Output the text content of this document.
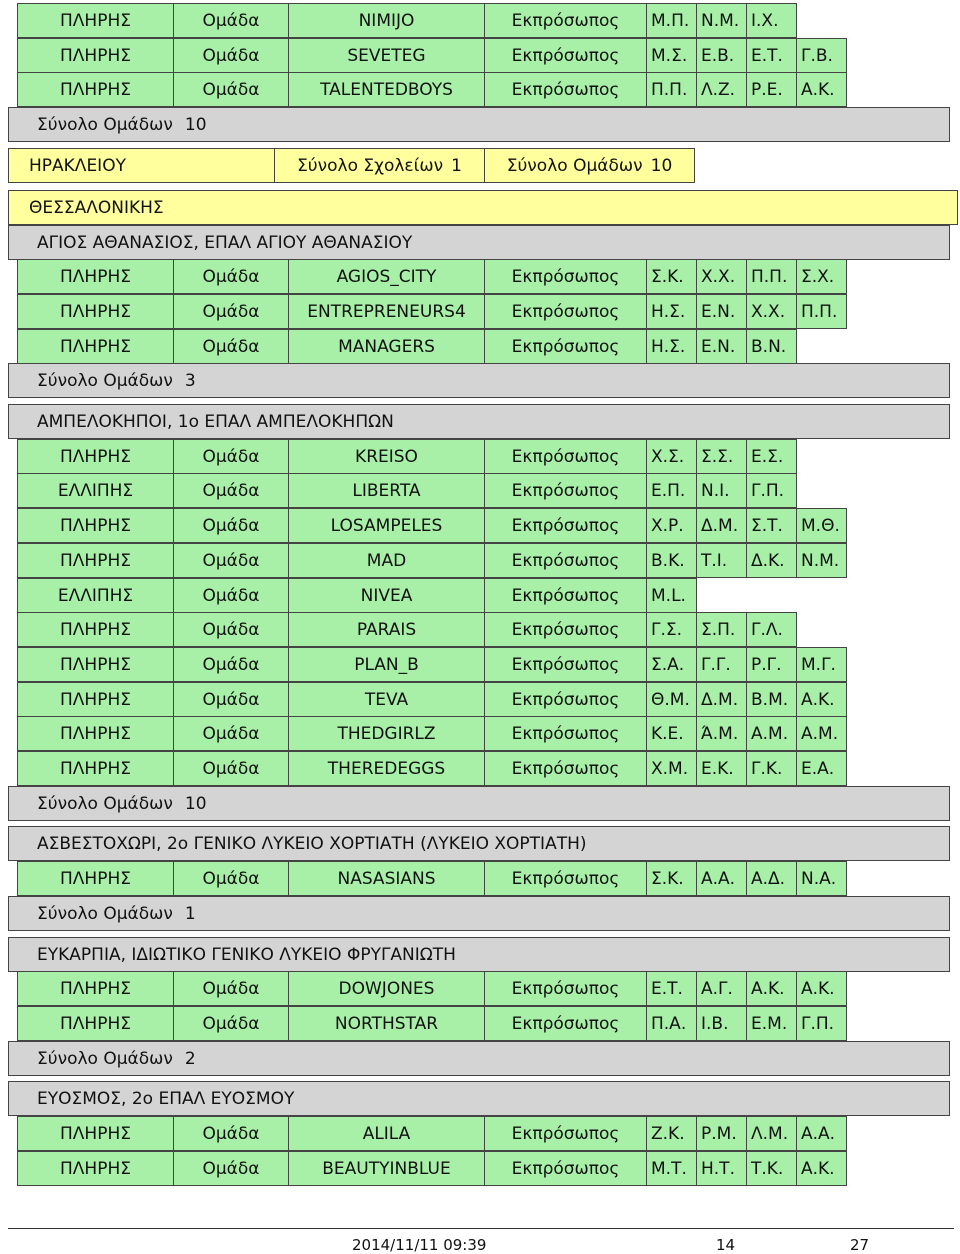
ΠΛΗΡΗΣ	Ομάδα	NIMIJO	Εκπρόσωπος	Μ.Π. Ν.Μ. Ι.Χ.
ΠΛΗΡΗΣ	Ομάδα	SEVETEG	Εκπρόσωπος	Μ.Σ. Ε.Β. Ε.Τ.	Γ.Β.
ΠΛΗΡΗΣ	Ομάδα	TALENTEDBOYS	Εκπρόσωπος	Π.Π. Λ.Ζ. Ρ.Ε.	Α.Κ.
Σύνολο Ομάδων 10
ΗΡΑΚΛΕΙΟΥ	Σύνολο Σχολείων 1	Σύνολο Ομάδων 10
ΘΕΣΣΑΛΟΝΙΚΗΣ
ΑΓΙΟΣ ΑΘΑΝΑΣΙΟΣ, ΕΠΑΛ ΑΓΙΟΥ ΑΘΑΝΑΣΙΟΥ
ΠΛΗΡΗΣ	Ομάδα	AGIOS_CITY	Εκπρόσωπος	Σ.Κ.	Χ.Χ. Π.Π. Σ.Χ.
ΠΛΗΡΗΣ	Ομάδα	ENTREPRENEURS4	Εκπρόσωπος	Η.Σ. Ε.Ν. Χ.Χ. Π.Π.
ΠΛΗΡΗΣ	Ομάδα	MANAGERS	Εκπρόσωπος	Η.Σ. Ε.Ν. Β.Ν.
Σύνολο Ομάδων 3
ΑΜΠΕΛΟΚΗΠΟΙ, 1ο ΕΠΑΛ ΑΜΠΕΛΟΚΗΠΩΝ
ΠΛΗΡΗΣ	Ομάδα	KREISO	Εκπρόσωπος	Χ.Σ. Σ.Σ.	Ε.Σ.
ΕΛΛΙΠΗΣ	Ομάδα	LIBERTA	Εκπρόσωπος	Ε.Π. Ν.Ι.	Γ.Π.
ΠΛΗΡΗΣ	Ομάδα	LOSAMPELES	Εκπρόσωπος	Χ.Ρ.	Δ.Μ. Σ.Τ.	Μ.Θ.
ΠΛΗΡΗΣ	Ομάδα	MAD	Εκπρόσωπος	Β.Κ. Τ.Ι.	Δ.Κ. Ν.Μ.
ΕΛΛΙΠΗΣ	Ομάδα	NIVEA	Εκπρόσωπος	M.L.
ΠΛΗΡΗΣ	Ομάδα	PARAIS	Εκπρόσωπος	Γ.Σ.	Σ.Π. Γ.Λ.
ΠΛΗΡΗΣ	Ομάδα	PLAN_B	Εκπρόσωπος	Σ.Α. Γ.Γ.	Ρ.Γ.	Μ.Γ.
ΠΛΗΡΗΣ	Ομάδα	TEVA	Εκπρόσωπος	Θ.Μ. Δ.Μ. Β.Μ. Α.Κ.
ΠΛΗΡΗΣ	Ομάδα	THEDGIRLZ	Εκπρόσωπος	Κ.Ε.	Ά.Μ. Α.Μ. Α.Μ.
ΠΛΗΡΗΣ	Ομάδα	THEREDEGGS	Εκπρόσωπος	Χ.Μ. Ε.Κ.	Γ.Κ.	Ε.Α.
Σύνολο Ομάδων 10
ΑΣΒΕΣΤΟΧΩΡΙ, 2ο ΓΕΝΙΚΟ ΛΥΚΕΙΟ ΧΟΡΤΙΑΤΗ (ΛΥΚΕΙΟ ΧΟΡΤΙΑΤΗ)
ΠΛΗΡΗΣ	Ομάδα	NASASIANS	Εκπρόσωπος	Σ.Κ.	Α.Α. Α.Δ. Ν.Α.
Σύνολο Ομάδων 1
ΕΥΚΑΡΠΙΑ, ΙΔΙΩΤΙΚΟ ΓΕΝΙΚΟ ΛΥΚΕΙΟ ΦΡΥΓΑΝΙΩΤΗ
ΠΛΗΡΗΣ	Ομάδα	DOWJONES	Εκπρόσωπος	Ε.Τ.	Α.Γ.	Α.Κ. Α.Κ.
ΠΛΗΡΗΣ	Ομάδα	NORTHSTAR	Εκπρόσωπος	Π.Α. Ι.Β.	Ε.Μ. Γ.Π.
Σύνολο Ομάδων 2
ΕΥΟΣΜΟΣ, 2ο ΕΠΑΛ ΕΥΟΣΜΟΥ
ΠΛΗΡΗΣ	Ομάδα	ALILA	Εκπρόσωπος	Ζ.Κ. Ρ.Μ. Λ.Μ. Α.Α.
ΠΛΗΡΗΣ	Ομάδα	BEAUTYINBLUE	Εκπρόσωπος	Μ.Τ. Η.Τ. Τ.Κ.	Α.Κ.
2014/11/11 09:39	14	27
